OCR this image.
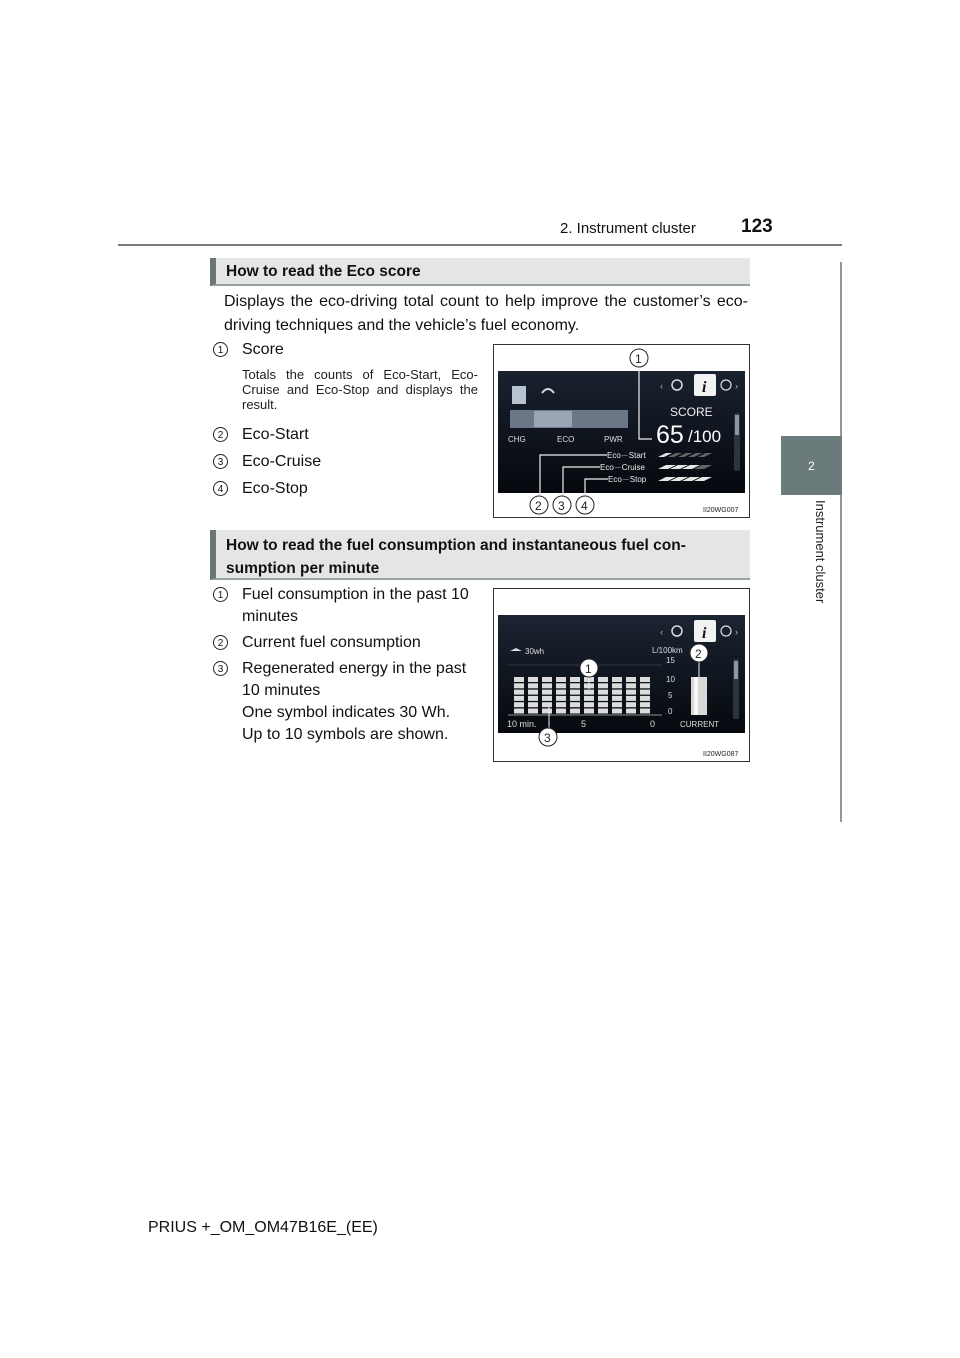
2. Instrument cluster 123
2
Instrument cluster
How to read the Eco score
Displays the eco-driving total count to help improve the customer’s eco-driving techniques and the vehicle’s fuel economy.
1 Score
Totals the counts of Eco-Start, Eco-Cruise and Eco-Stop and displays the result.
2 Eco-Start
3 Eco-Cruise
4 Eco-Stop
‹ i	›
CHG	ECO	PWR
SCORE
65 /100
Eco－Start
Eco－Cruise
Eco－Stop
1
2 3 4	II20WG007
How to read the fuel consumption and instantaneous fuel con-
sumption per minute
1 Fuel consumption in the past 10
minutes
2 Current fuel consumption
3 Regenerated energy in the past
10 minutes
One symbol indicates 30 Wh.
Up to 10 symbols are shown.
‹ i	›
30wh	L/100km
15
10
5
0
10 min.	5	0	CURRENT
1
2
3
II20WG087
PRIUS +_OM_OM47B16E_(EE)
